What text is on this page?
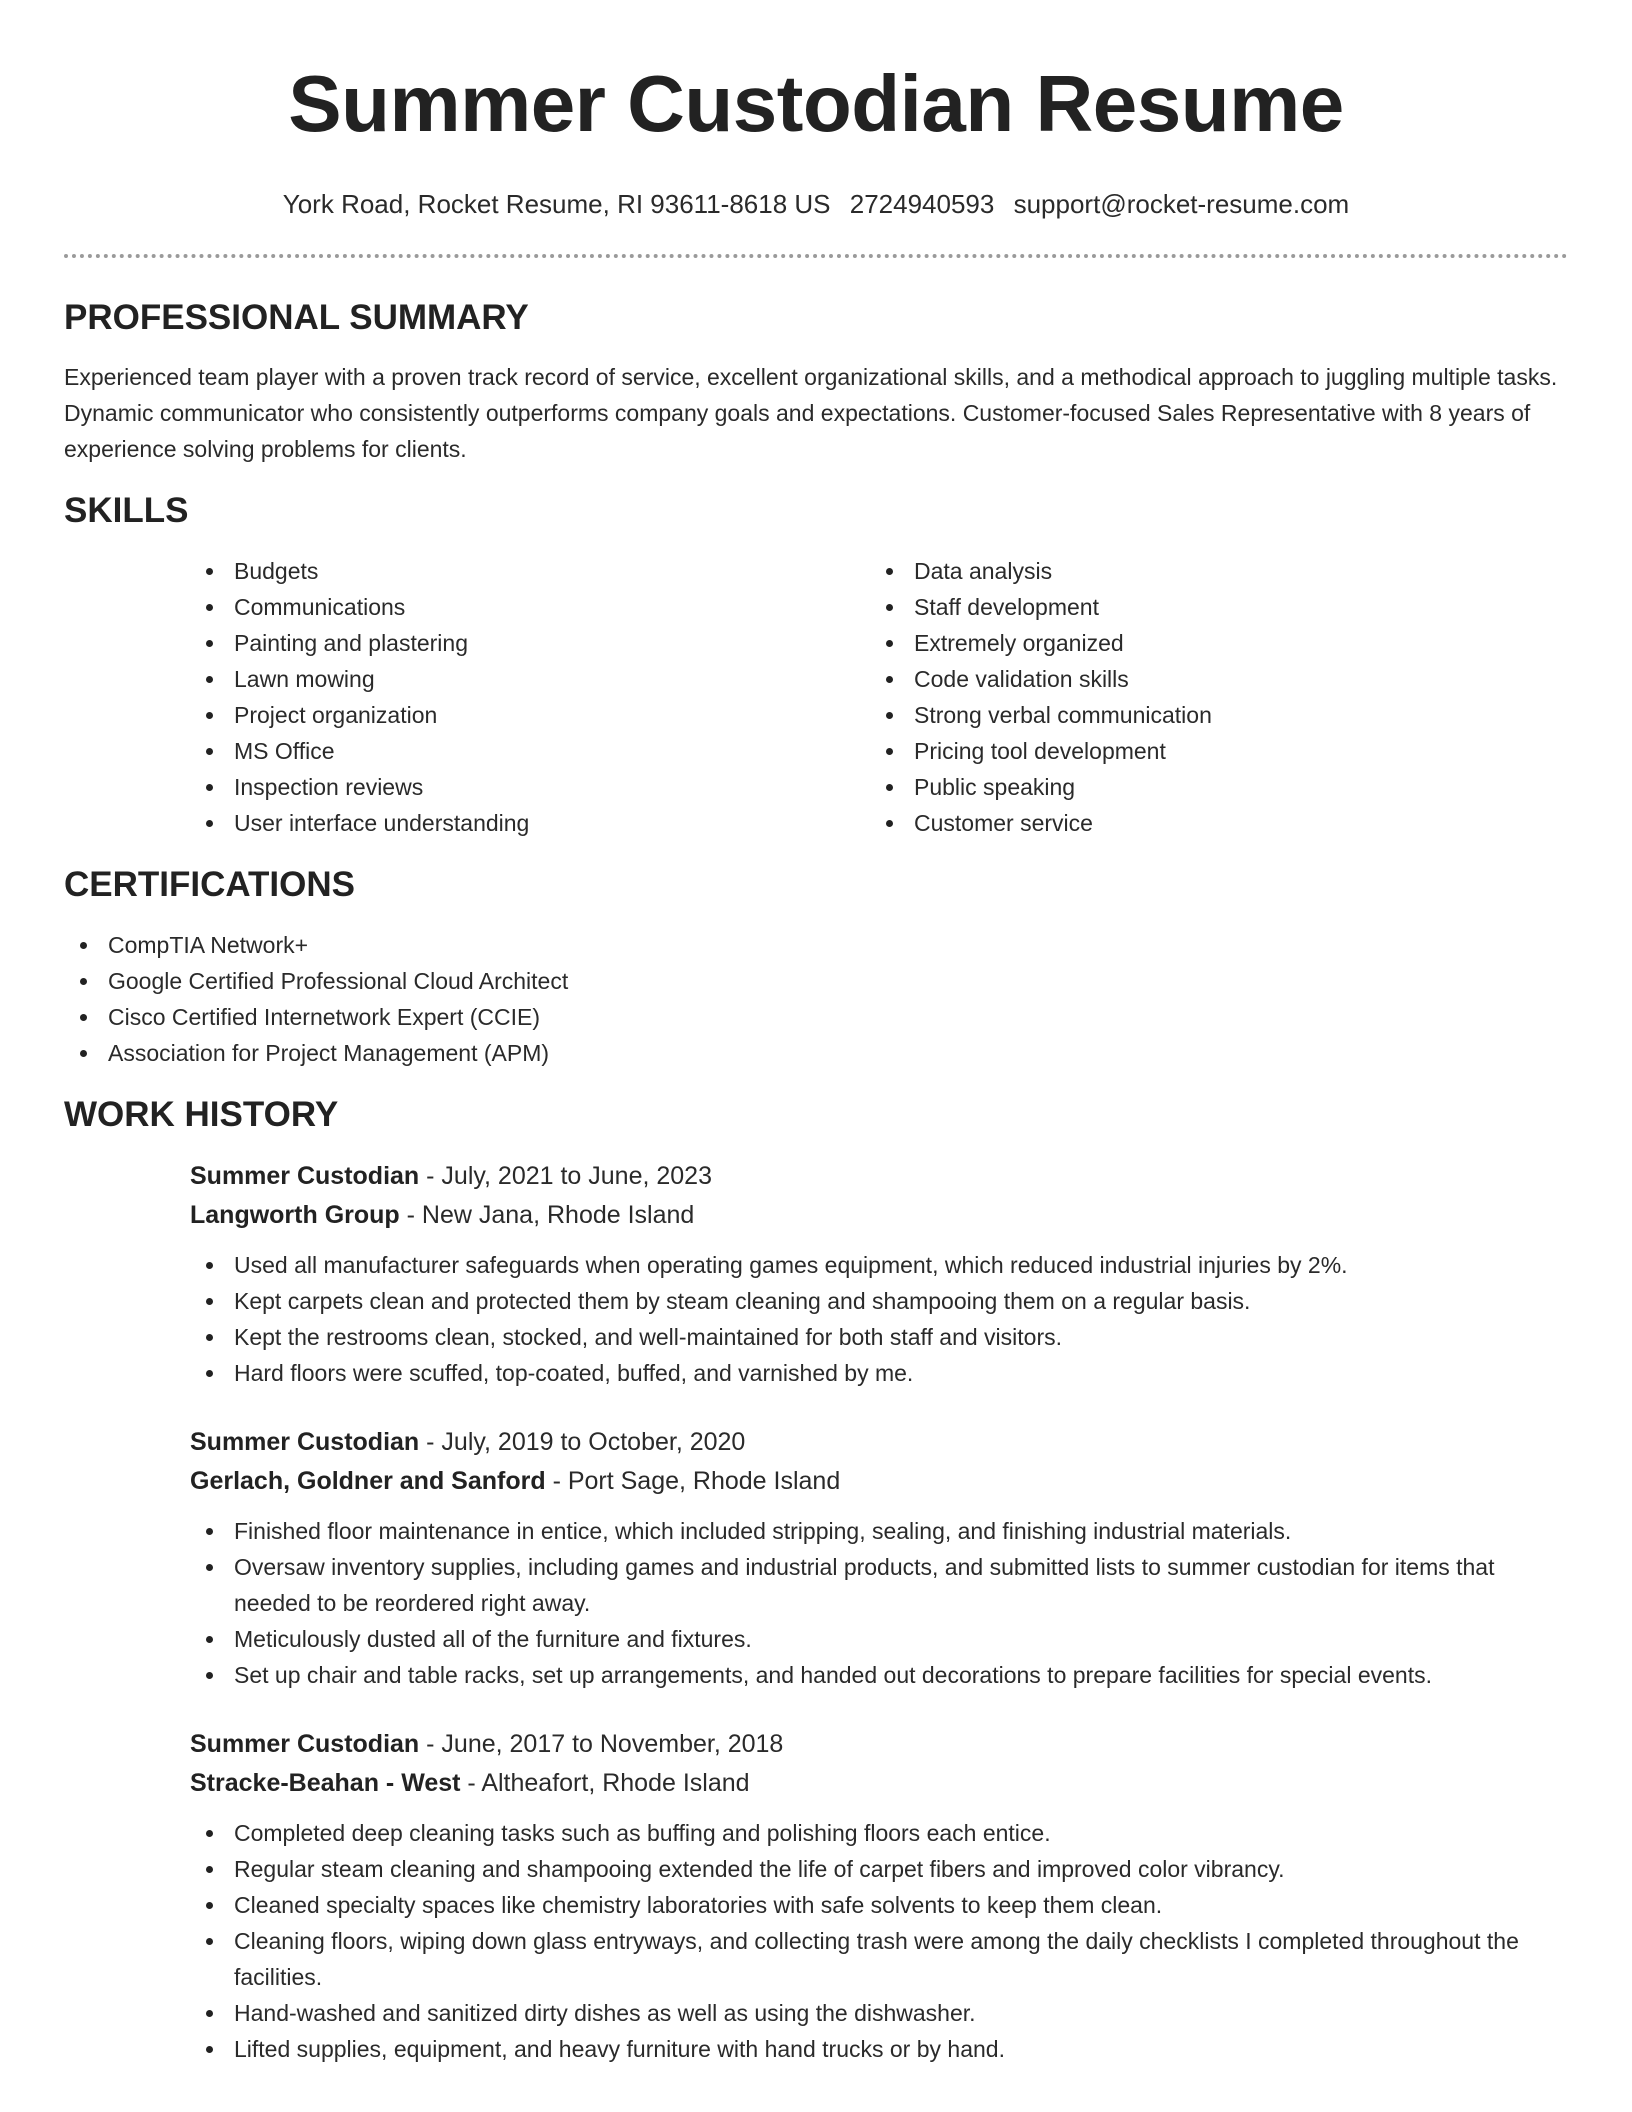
Summer Custodian Resume
York Road, Rocket Resume, RI 93611-8618 US 2724940593 support@rocket-resume.com
PROFESSIONAL SUMMARY

Experienced team player with a proven track record of service, excellent organizational skills, and a methodical approach to juggling multiple tasks. Dynamic communicator who consistently outperforms company goals and expectations. Customer-focused Sales Representative with 8 years of experience solving problems for clients.

SKILLS
Budgets
Communications
Painting and plastering
Lawn mowing
Project organization
MS Office
Inspection reviews
User interface understanding
Data analysis
Staff development
Extremely organized
Code validation skills
Strong verbal communication
Pricing tool development
Public speaking
Customer service
CERTIFICATIONS
CompTIA Network+
Google Certified Professional Cloud Architect
Cisco Certified Internetwork Expert (CCIE)
Association for Project Management (APM)
WORK HISTORY

Summer Custodian - July, 2021 to June, 2023

Langworth Group - New Jana, Rhode Island

Used all manufacturer safeguards when operating games equipment, which reduced industrial injuries by 2%.
Kept carpets clean and protected them by steam cleaning and shampooing them on a regular basis.
Kept the restrooms clean, stocked, and well-maintained for both staff and visitors.
Hard floors were scuffed, top-coated, buffed, and varnished by me.

Summer Custodian - July, 2019 to October, 2020

Gerlach, Goldner and Sanford - Port Sage, Rhode Island

Finished floor maintenance in entice, which included stripping, sealing, and finishing industrial materials.
Oversaw inventory supplies, including games and industrial products, and submitted lists to summer custodian for items that needed to be reordered right away.
Meticulously dusted all of the furniture and fixtures.
Set up chair and table racks, set up arrangements, and handed out decorations to prepare facilities for special events.

Summer Custodian - June, 2017 to November, 2018

Stracke-Beahan - West - Altheafort, Rhode Island

Completed deep cleaning tasks such as buffing and polishing floors each entice.
Regular steam cleaning and shampooing extended the life of carpet fibers and improved color vibrancy.
Cleaned specialty spaces like chemistry laboratories with safe solvents to keep them clean.
Cleaning floors, wiping down glass entryways, and collecting trash were among the daily checklists I completed throughout the facilities.
Hand-washed and sanitized dirty dishes as well as using the dishwasher.
Lifted supplies, equipment, and heavy furniture with hand trucks or by hand.
